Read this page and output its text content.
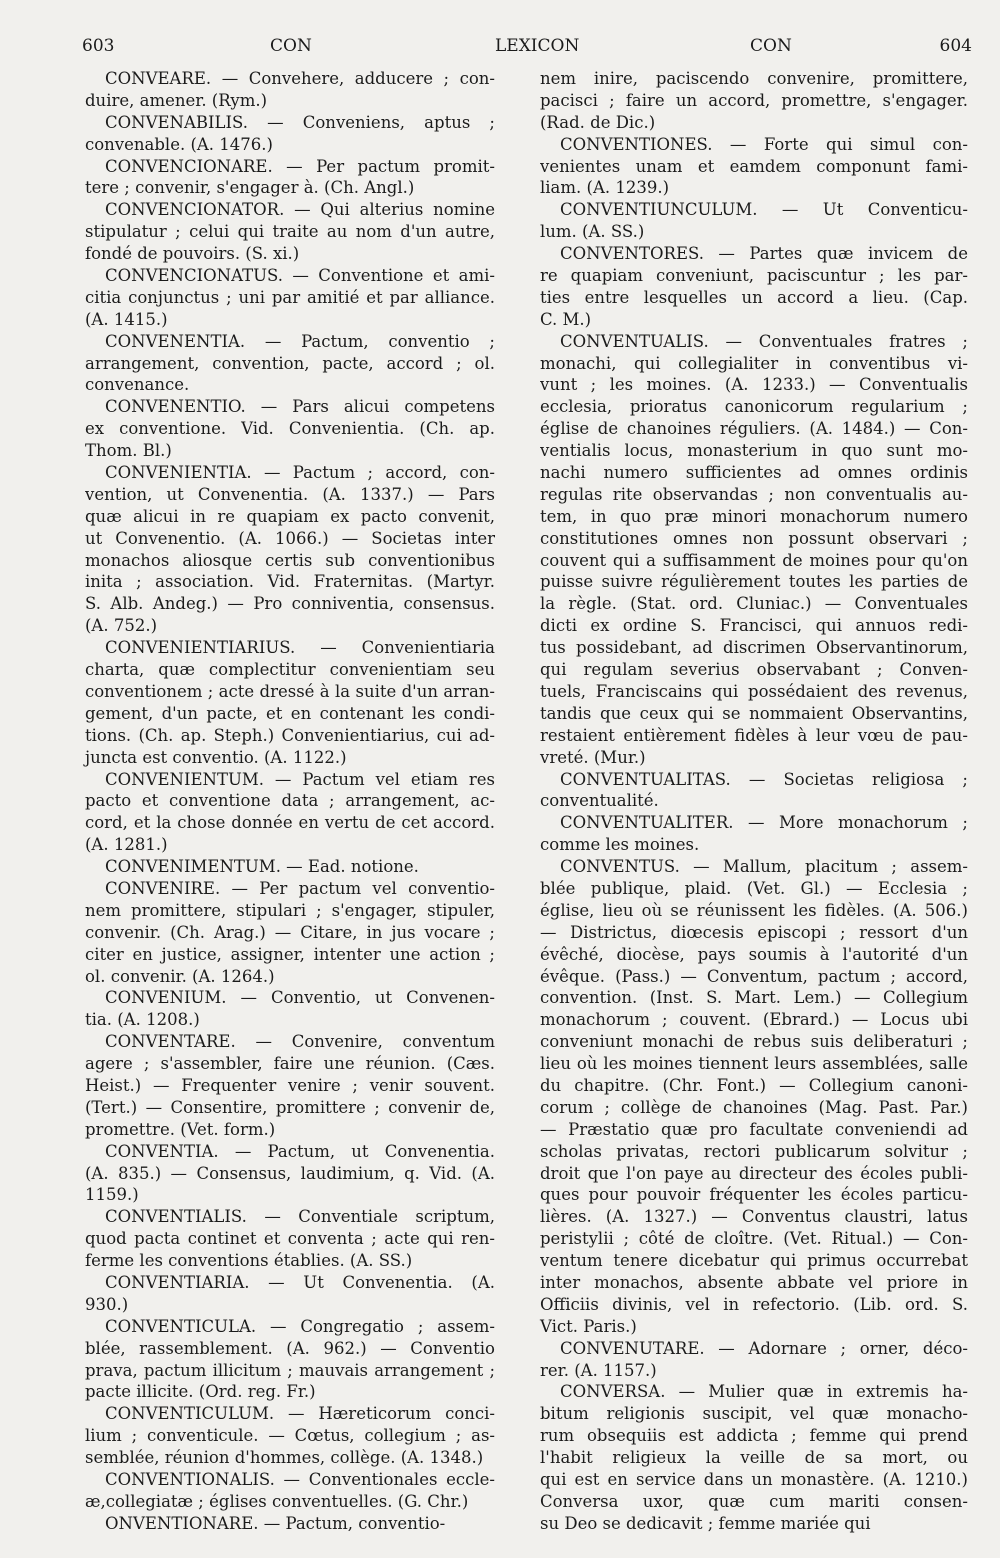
603	CON	LEXICON	CON	604
CONVEARE. — Convehere, adducere ; con-
duire, amener. (Rym.)
CONVENABILIS. — Conveniens, aptus ;
convenable. (A. 1476.)
CONVENCIONARE. — Per pactum promit-
tere ; convenir, s'engager à. (Ch. Angl.)
CONVENCIONATOR. — Qui alterius nomine
stipulatur ; celui qui traite au nom d'un autre,
fondé de pouvoirs. (S. xi.)
CONVENCIONATUS. — Conventione et ami-
citia conjunctus ; uni par amitié et par alliance.
(A. 1415.)
CONVENENTIA. — Pactum, conventio ;
arrangement, convention, pacte, accord ; ol.
convenance.
CONVENENTIO. — Pars alicui competens
ex conventione. Vid. Convenientia. (Ch. ap.
Thom. Bl.)
CONVENIENTIA. — Pactum ; accord, con-
vention, ut Convenentia. (A. 1337.) — Pars
quæ alicui in re quapiam ex pacto convenit,
ut Convenentio. (A. 1066.) — Societas inter
monachos aliosque certis sub conventionibus
inita ; association. Vid. Fraternitas. (Martyr.
S. Alb. Andeg.) — Pro conniventia, consensus.
(A. 752.)
CONVENIENTIARIUS. — Convenientiaria
charta, quæ complectitur convenientiam seu
conventionem ; acte dressé à la suite d'un arran-
gement, d'un pacte, et en contenant les condi-
tions. (Ch. ap. Steph.) Convenientiarius, cui ad-
juncta est conventio. (A. 1122.)
CONVENIENTUM. — Pactum vel etiam res
pacto et conventione data ; arrangement, ac-
cord, et la chose donnée en vertu de cet accord.
(A. 1281.)
CONVENIMENTUM. — Ead. notione.
CONVENIRE. — Per pactum vel conventio-
nem promittere, stipulari ; s'engager, stipuler,
convenir. (Ch. Arag.) — Citare, in jus vocare ;
citer en justice, assigner, intenter une action ;
ol. convenir. (A. 1264.)
CONVENIUM. — Conventio, ut Convenen-
tia. (A. 1208.)
CONVENTARE. — Convenire, conventum
agere ; s'assembler, faire une réunion. (Cæs.
Heist.) — Frequenter venire ; venir souvent.
(Tert.) — Consentire, promittere ; convenir de,
promettre. (Vet. form.)
CONVENTIA. — Pactum, ut Convenentia.
(A. 835.) — Consensus, laudimium, q. Vid. (A.
1159.)
CONVENTIALIS. — Conventiale scriptum,
quod pacta continet et conventa ; acte qui ren-
ferme les conventions établies. (A. SS.)
CONVENTIARIA. — Ut Convenentia. (A.
930.)
CONVENTICULA. — Congregatio ; assem-
blée, rassemblement. (A. 962.) — Conventio
prava, pactum illicitum ; mauvais arrangement ;
pacte illicite. (Ord. reg. Fr.)
CONVENTICULUM. — Hæreticorum conci-
lium ; conventicule. — Cœtus, collegium ; as-
semblée, réunion d'hommes, collège. (A. 1348.)
CONVENTIONALIS. — Conventionales eccle-
æ,collegiatæ ; églises conventuelles. (G. Chr.)
ONVENTIONARE. — Pactum, conventio-
nem inire, paciscendo convenire, promittere,
pacisci ; faire un accord, promettre, s'engager.
(Rad. de Dic.)
CONVENTIONES. — Forte qui simul con-
venientes unam et eamdem componunt fami-
liam. (A. 1239.)
CONVENTIUNCULUM. — Ut Conventicu-
lum. (A. SS.)
CONVENTORES. — Partes quæ invicem de
re quapiam conveniunt, paciscuntur ; les par-
ties entre lesquelles un accord a lieu. (Cap.
C. M.)
CONVENTUALIS. — Conventuales fratres ;
monachi, qui collegialiter in conventibus vi-
vunt ; les moines. (A. 1233.) — Conventualis
ecclesia, prioratus canonicorum regularium ;
église de chanoines réguliers. (A. 1484.) — Con-
ventialis locus, monasterium in quo sunt mo-
nachi numero sufficientes ad omnes ordinis
regulas rite observandas ; non conventualis au-
tem, in quo præ minori monachorum numero
constitutiones omnes non possunt observari ;
couvent qui a suffisamment de moines pour qu'on
puisse suivre régulièrement toutes les parties de
la règle. (Stat. ord. Cluniac.) — Conventuales
dicti ex ordine S. Francisci, qui annuos redi-
tus possidebant, ad discrimen Observantinorum,
qui regulam severius observabant ; Conven-
tuels, Franciscains qui possédaient des revenus,
tandis que ceux qui se nommaient Observantins,
restaient entièrement fidèles à leur vœu de pau-
vreté. (Mur.)
CONVENTUALITAS. — Societas religiosa ;
conventualité.
CONVENTUALITER. — More monachorum ;
comme les moines.
CONVENTUS. — Mallum, placitum ; assem-
blée publique, plaid. (Vet. Gl.) — Ecclesia ;
église, lieu où se réunissent les fidèles. (A. 506.)
— Districtus, diœcesis episcopi ; ressort d'un
évêché, diocèse, pays soumis à l'autorité d'un
évêque. (Pass.) — Conventum, pactum ; accord,
convention. (Inst. S. Mart. Lem.) — Collegium
monachorum ; couvent. (Ebrard.) — Locus ubi
conveniunt monachi de rebus suis deliberaturi ;
lieu où les moines tiennent leurs assemblées, salle
du chapitre. (Chr. Font.) — Collegium canoni-
corum ; collège de chanoines (Mag. Past. Par.)
— Præstatio quæ pro facultate conveniendi ad
scholas privatas, rectori publicarum solvitur ;
droit que l'on paye au directeur des écoles publi-
ques pour pouvoir fréquenter les écoles particu-
lières. (A. 1327.) — Conventus claustri, latus
peristylii ; côté de cloître. (Vet. Ritual.) — Con-
ventum tenere dicebatur qui primus occurrebat
inter monachos, absente abbate vel priore in
Officiis divinis, vel in refectorio. (Lib. ord. S.
Vict. Paris.)
CONVENUTARE. — Adornare ; orner, déco-
rer. (A. 1157.)
CONVERSA. — Mulier quæ in extremis ha-
bitum religionis suscipit, vel quæ monacho-
rum obsequiis est addicta ; femme qui prend
l'habit religieux la veille de sa mort, ou
qui est en service dans un monastère. (A. 1210.)
Conversa uxor, quæ cum mariti consen-
su Deo se dedicavit ; femme mariée qui
